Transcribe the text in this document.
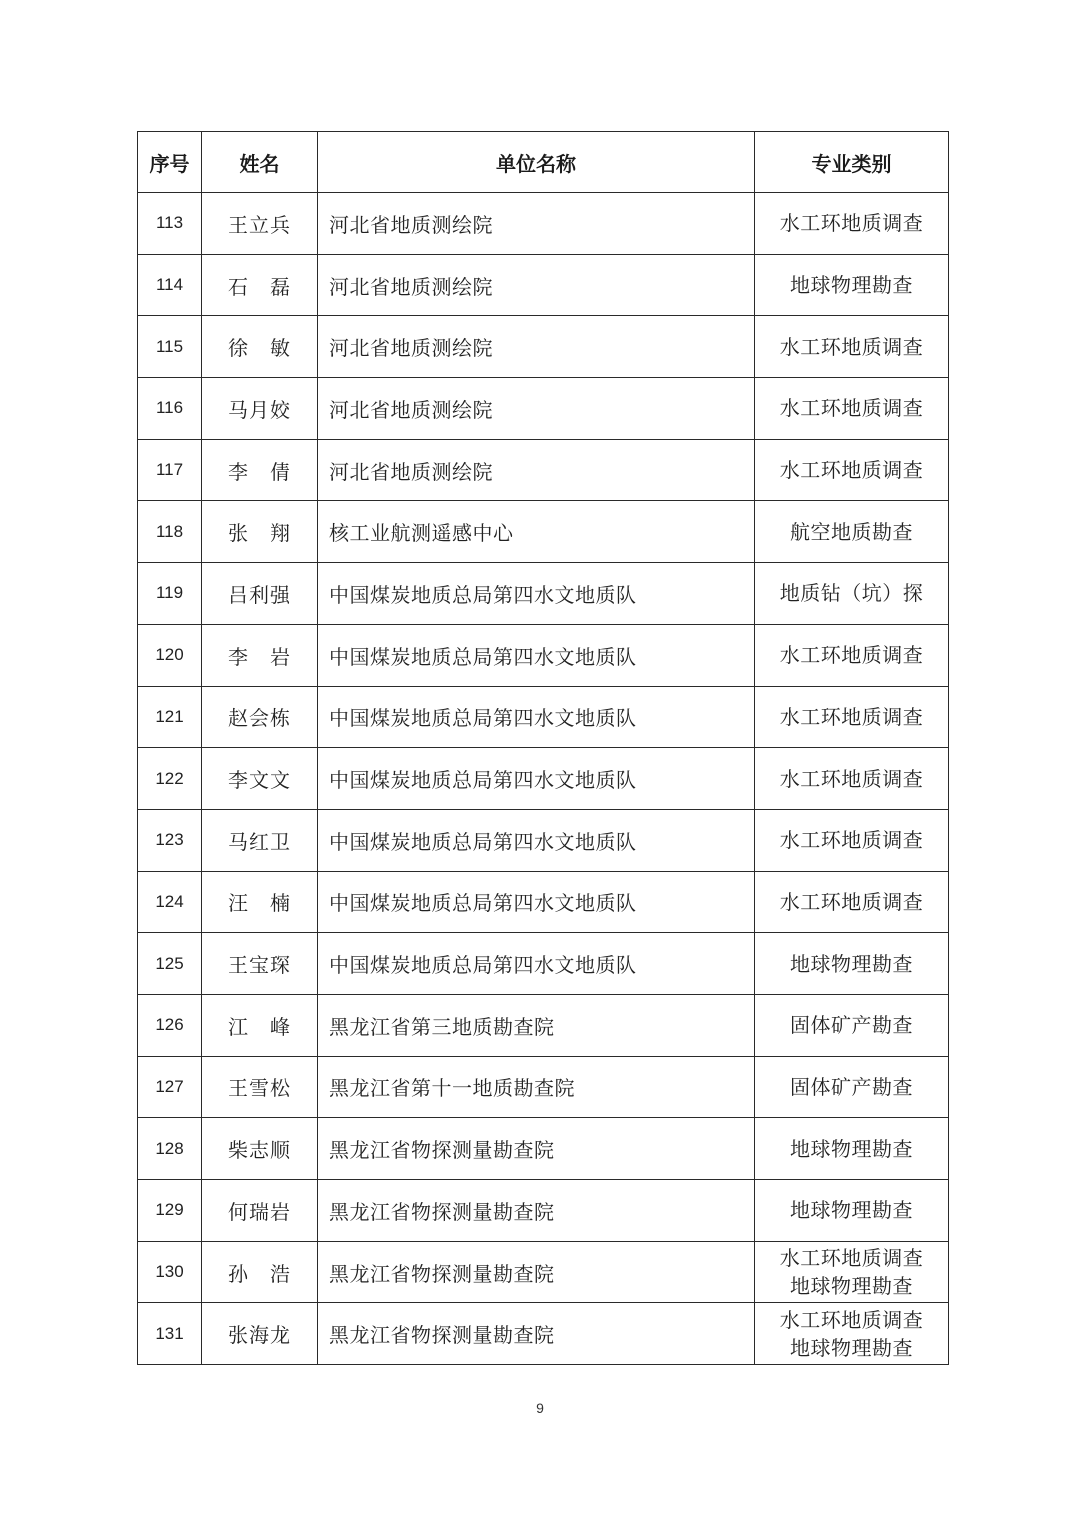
序号	姓名	单位名称	专业类别
113	王立兵	河北省地质测绘院	水工环地质调查

114	石　磊	河北省地质测绘院	地球物理勘查

115	徐　敏	河北省地质测绘院	水工环地质调查

116	马月姣	河北省地质测绘院	水工环地质调查

117	李　倩	河北省地质测绘院	水工环地质调查

118	张　翔	核工业航测遥感中心	航空地质勘查

119	吕利强	中国煤炭地质总局第四水文地质队	地质钻（坑）探

120	李　岩	中国煤炭地质总局第四水文地质队	水工环地质调查

121	赵会栋	中国煤炭地质总局第四水文地质队	水工环地质调查

122	李文文	中国煤炭地质总局第四水文地质队	水工环地质调查

123	马红卫	中国煤炭地质总局第四水文地质队	水工环地质调查

124	汪　楠	中国煤炭地质总局第四水文地质队	水工环地质调查

125	王宝琛	中国煤炭地质总局第四水文地质队	地球物理勘查

126	江　峰	黑龙江省第三地质勘查院	固体矿产勘查

127	王雪松	黑龙江省第十一地质勘查院	固体矿产勘查

128	柴志顺	黑龙江省物探测量勘查院	地球物理勘查

129	何瑞岩	黑龙江省物探测量勘查院	地球物理勘查

130	孙　浩	黑龙江省物探测量勘查院	水工环地质调查
地球物理勘查

131	张海龙	黑龙江省物探测量勘查院	水工环地质调查
地球物理勘查
9
